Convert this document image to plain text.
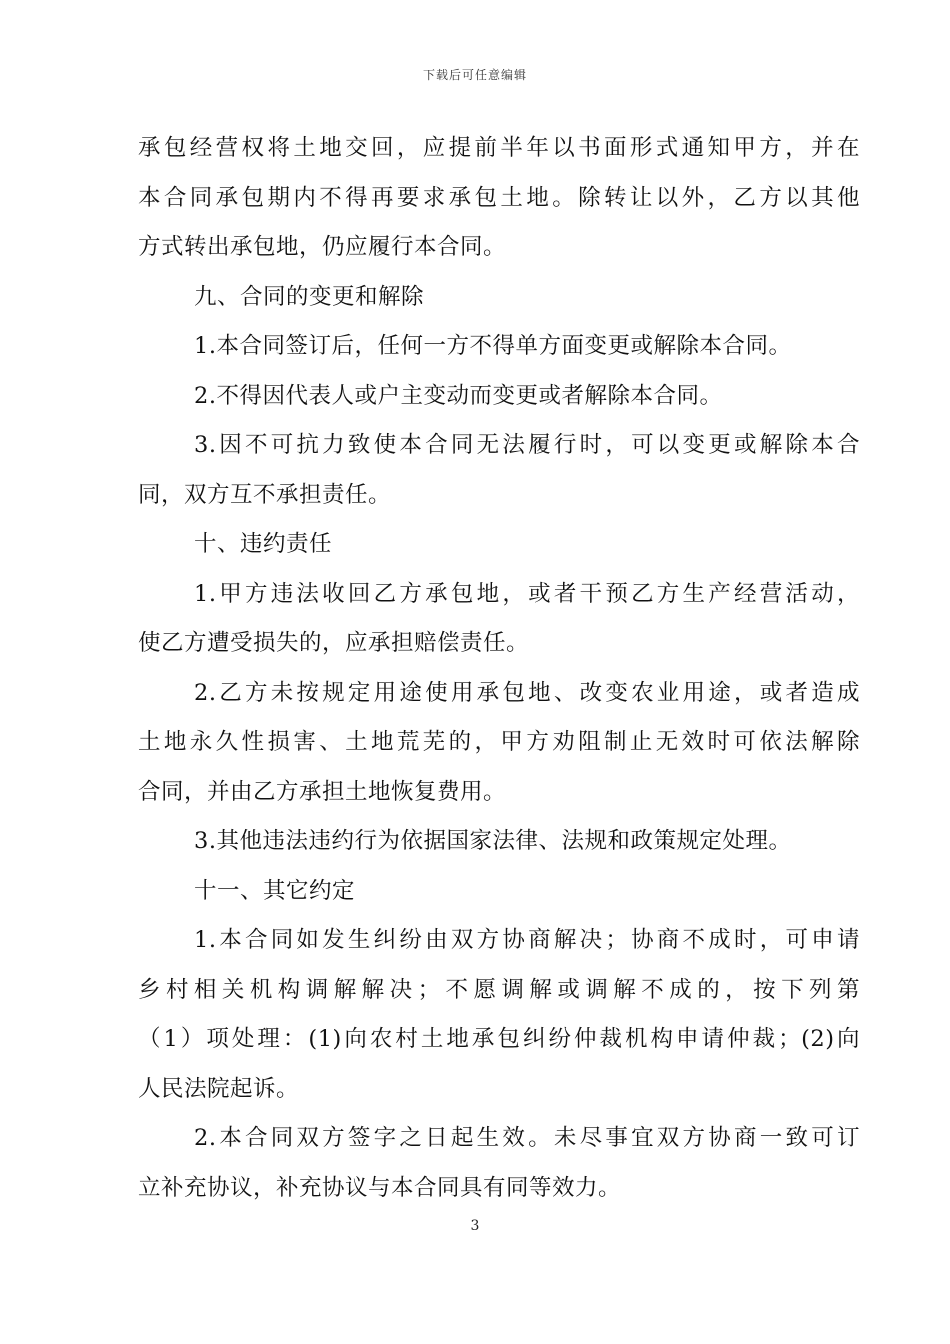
下载后可任意编辑
承包经营权将土地交回，应提前半年以书面形式通知甲方，并在
本合同承包期内不得再要求承包土地。除转让以外，乙方以其他
方式转出承包地，仍应履行本合同。
九、合同的变更和解除
1.本合同签订后，任何一方不得单方面变更或解除本合同。
2.不得因代表人或户主变动而变更或者解除本合同。
3.因不可抗力致使本合同无法履行时，可以变更或解除本合
同，双方互不承担责任。
十、违约责任
1.甲方违法收回乙方承包地，或者干预乙方生产经营活动，
使乙方遭受损失的，应承担赔偿责任。
2.乙方未按规定用途使用承包地、改变农业用途，或者造成
土地永久性损害、土地荒芜的，甲方劝阻制止无效时可依法解除
合同，并由乙方承担土地恢复费用。
3.其他违法违约行为依据国家法律、法规和政策规定处理。
十一、其它约定
1.本合同如发生纠纷由双方协商解决；协商不成时，可申请
乡村相关机构调解解决；不愿调解或调解不成的，按下列第
（1）项处理：(1)向农村土地承包纠纷仲裁机构申请仲裁；(2)向
人民法院起诉。
2.本合同双方签字之日起生效。未尽事宜双方协商一致可订
立补充协议，补充协议与本合同具有同等效力。
3
